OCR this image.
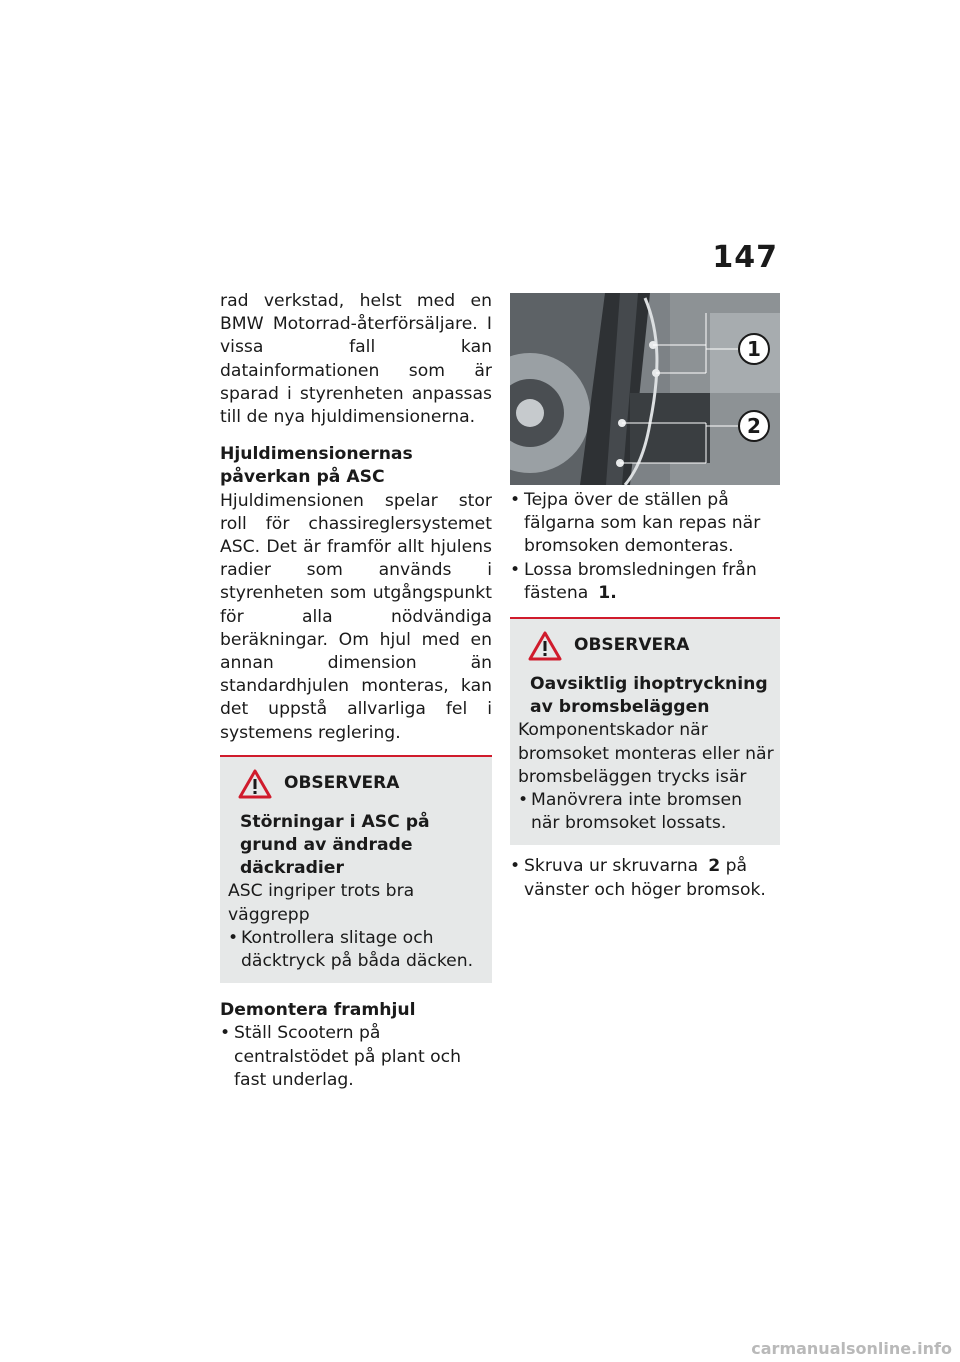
147

rad verkstad, helst med en BMW Motorrad-återförsäljare. I vissa fall kan datainformationen som är sparad i styrenheten anpassas till de nya hjuldimensionerna.

Hjuldimensionernas påverkan på ASC

Hjuldimensionen spelar stor roll för chassireglersystemet ASC. Det är framför allt hjulens radier som används i styrenheten som utgångspunkt för alla nödvändiga beräkningar. Om hjul med en annan dimension än standardhjulen monteras, kan det uppstå allvarliga fel i systemens reglering.

OBSERVERA

Störningar i ASC på grund av ändrade däckradier

ASC ingriper trots bra väggrepp

• Kontrollera slitage och däcktryck på båda däcken.

Demontera framhjul

• Ställ Scootern på centralstödet på plant och fast underlag.
1
2
• Tejpa över de ställen på fälgarna som kan repas när bromsoken demonteras.
• Lossa bromsledningen från fästena 1.
OBSERVERA

Oavsiktlig ihoptryckning av bromsbeläggen

Komponentskador när bromsoket monteras eller när bromsbeläggen trycks isär

• Manövrera inte bromsen när bromsoket lossats.
• Skruva ur skruvarna 2 på vänster och höger bromsok.
carmanualsonline.info
